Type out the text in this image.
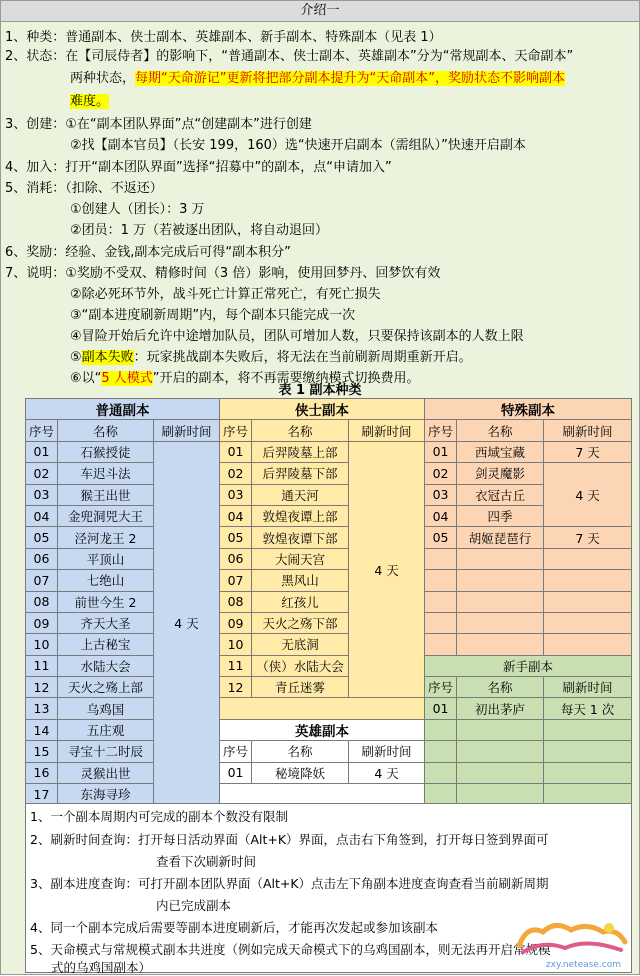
介绍一
1、种类：普通副本、侠士副本、英雄副本、新手副本、特殊副本（见表 1）
2、状态：在【司辰侍者】的影响下，“普通副本、侠士副本、英雄副本”分为“常规副本、天命副本”
两种状态，每期“天命游记”更新将把部分副本提升为“天命副本”，奖励状态不影响副本
难度。
3、创建：①在“副本团队界面”点“创建副本”进行创建
②找【副本官员】（长安 199，160）选“快速开启副本（需组队）”快速开启副本
4、加入：打开“副本团队界面”选择“招募中”的副本，点“申请加入”
5、消耗：（扣除、不返还）
①创建人（团长）：3 万
②团员：1 万（若被逐出团队，将自动退回）
6、奖励：经验、金钱,副本完成后可得“副本积分”
7、说明：①奖励不受双、精修时间（3 倍）影响，使用回梦丹、回梦饮有效
②除必死环节外，战斗死亡计算正常死亡，有死亡损失
③“副本进度刷新周期”内，每个副本只能完成一次
④冒险开始后允许中途增加队员，团队可增加人数，只要保持该副本的人数上限
⑤副本失败：玩家挑战副本失败后，将无法在当前刷新周期重新开启。
⑥以“5 人模式”开启的副本，将不再需要缴纳模式切换费用。
表 1 副本种类
普通副本			侠士副本			特殊副本		
序号	名称	刷新时间	序号	名称	刷新时间	序号	名称	刷新时间
01	石猴授徒	4 天	01	后羿陵墓上部	4 天	01	西域宝藏	7 天
02	车迟斗法		02	后羿陵墓下部		02	剑灵魔影	4 天
03	猴王出世		03	通天河		03	衣冠古丘	
04	金兜洞兕大王		04	敦煌夜谭上部		04	四季	
05	泾河龙王 2		05	敦煌夜谭下部		05	胡姬琵琶行	7 天
06	平顶山		06	大闹天宫				
07	七绝山		07	黑风山				
08	前世今生 2		08	红孩儿				
09	齐天大圣		09	天火之殇下部				
10	上古秘宝		10	无底洞				
11	水陆大会		11	（侠）水陆大会		新手副本		
12	天火之殇上部		12	青丘迷雾		序号	名称	刷新时间
13	乌鸡国					01	初出茅庐	每天 1 次
14	五庄观		英雄副本					
15	寻宝十二时辰		序号	名称	刷新时间			
16	灵猴出世		01	秘境降妖	4 天			
17	东海寻珍							
1、一个副本周期内可完成的副本个数没有限制
2、刷新时间查询：打开每日活动界面（Alt+K）界面，点击右下角签到，打开每日签到界面可
查看下次刷新时间
3、副本进度查询：可打开副本团队界面（Alt+K）点击左下角副本进度查询查看当前刷新周期
内已完成副本
4、同一个副本完成后需要等副本进度刷新后，才能再次发起或参加该副本
5、天命模式与常规模式副本共进度（例如完成天命模式下的乌鸡国副本，则无法再开启常规模
式的乌鸡国副本）	zxy.netease.com
